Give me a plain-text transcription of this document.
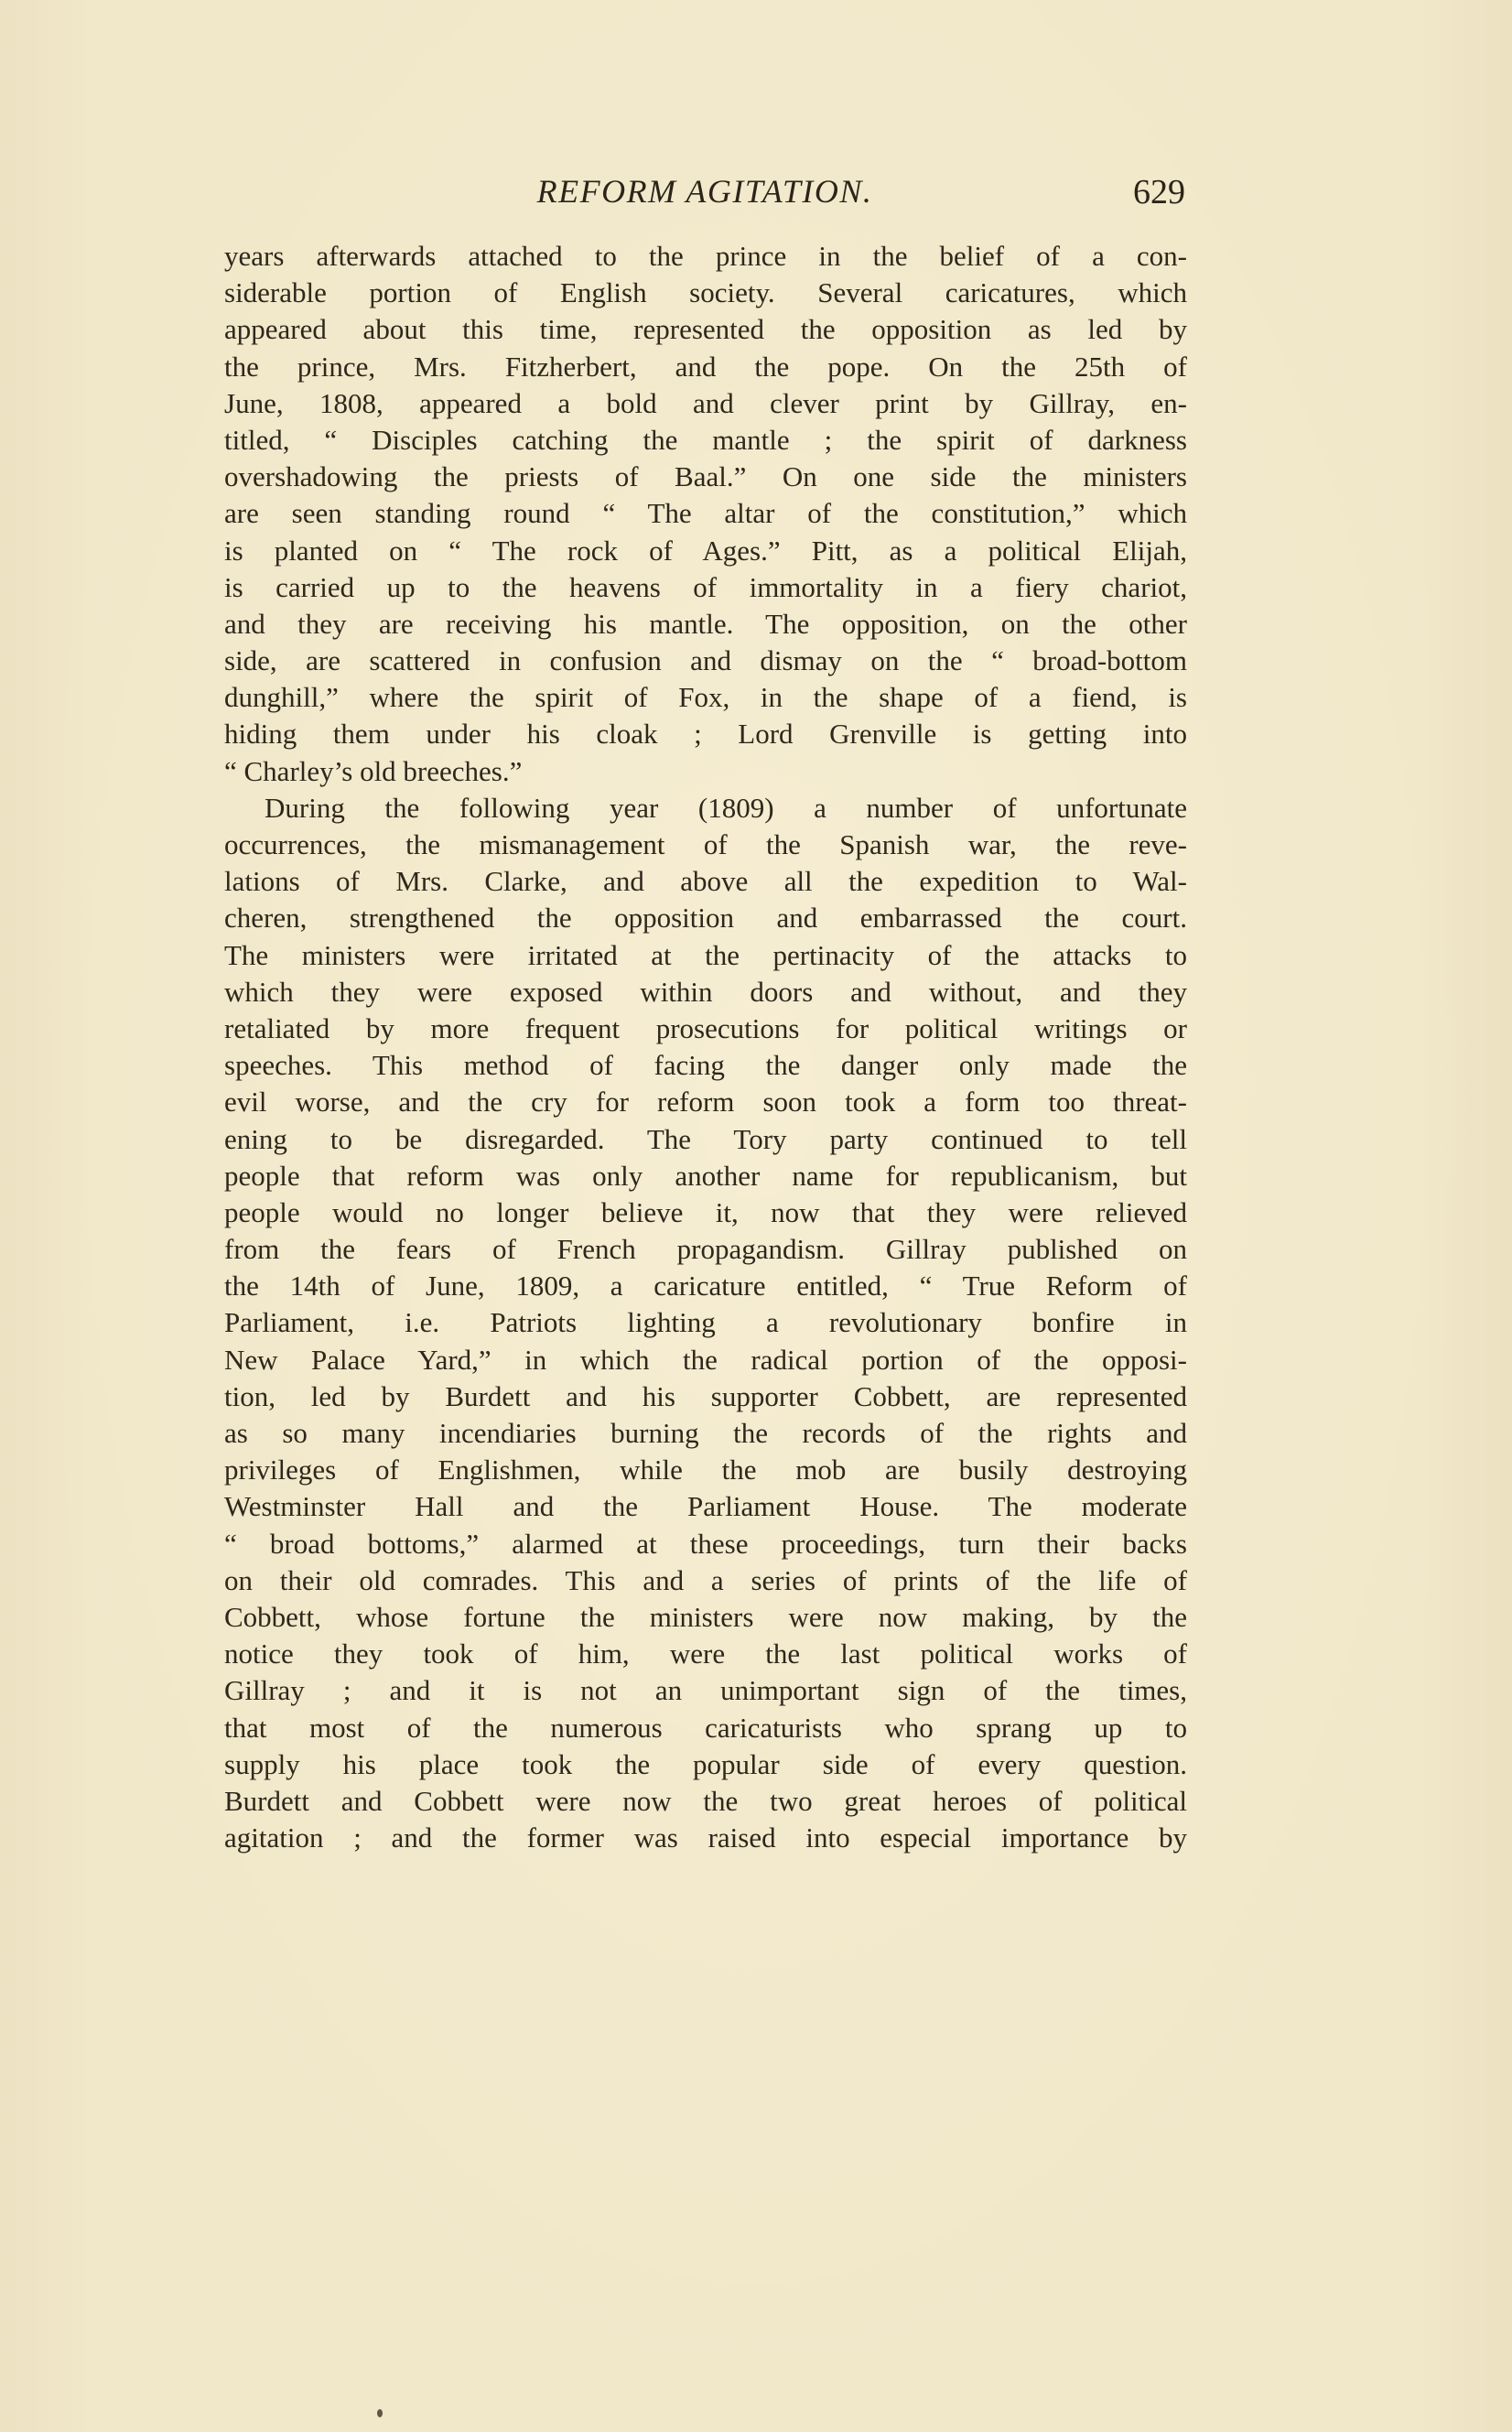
REFORM AGITATION.	629
years afterwards attached to the prince in the belief of a con-
siderable portion of English society. Several caricatures, which
appeared about this time, represented the opposition as led by
the prince, Mrs. Fitzherbert, and the pope. On the 25th of
June, 1808, appeared a bold and clever print by Gillray, en-
titled, “ Disciples catching the mantle ; the spirit of darkness
overshadowing the priests of Baal.” On one side the ministers
are seen standing round “ The altar of the constitution,” which
is planted on “ The rock of Ages.” Pitt, as a political Elijah,
is carried up to the heavens of immortality in a fiery chariot,
and they are receiving his mantle. The opposition, on the other
side, are scattered in confusion and dismay on the “ broad-bottom
dunghill,” where the spirit of Fox, in the shape of a fiend, is
hiding them under his cloak ; Lord Grenville is getting into
“ Charley’s old breeches.”
During the following year (1809) a number of unfortunate
occurrences, the mismanagement of the Spanish war, the reve-
lations of Mrs. Clarke, and above all the expedition to Wal-
cheren, strengthened the opposition and embarrassed the court.
The ministers were irritated at the pertinacity of the attacks to
which they were exposed within doors and without, and they
retaliated by more frequent prosecutions for political writings or
speeches. This method of facing the danger only made the
evil worse, and the cry for reform soon took a form too threat-
ening to be disregarded. The Tory party continued to tell
people that reform was only another name for republicanism, but
people would no longer believe it, now that they were relieved
from the fears of French propagandism. Gillray published on
the 14th of June, 1809, a caricature entitled, “ True Reform of
Parliament, i.e. Patriots lighting a revolutionary bonfire in
New Palace Yard,” in which the radical portion of the opposi-
tion, led by Burdett and his supporter Cobbett, are represented
as so many incendiaries burning the records of the rights and
privileges of Englishmen, while the mob are busily destroying
Westminster Hall and the Parliament House. The moderate
“ broad bottoms,” alarmed at these proceedings, turn their backs
on their old comrades. This and a series of prints of the life of
Cobbett, whose fortune the ministers were now making, by the
notice they took of him, were the last political works of
Gillray ; and it is not an unimportant sign of the times,
that most of the numerous caricaturists who sprang up to
supply his place took the popular side of every question.
Burdett and Cobbett were now the two great heroes of political
agitation ; and the former was raised into especial importance by
